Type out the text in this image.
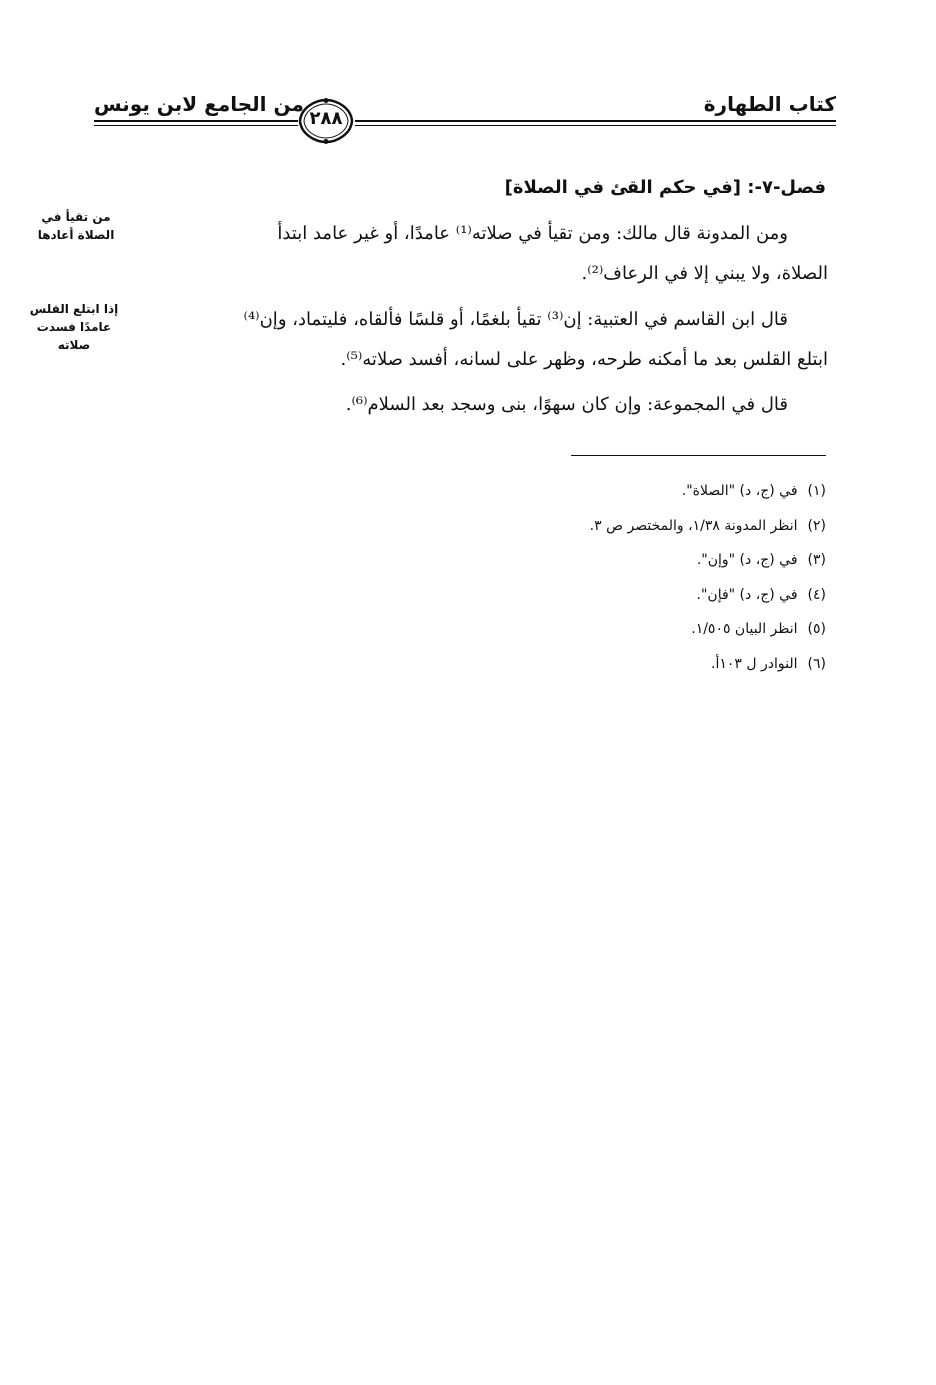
كتاب الطهارة
من الجامع لابن يونس
٢٨٨
فصل-٧-: [في حكم القئ في الصلاة]
ومن المدونة قال مالك: ومن تقيأ في صلاته⁽¹⁾ عامدًا، أو غير عامد ابتدأ
الصلاة، ولا يبني إلا في الرعاف⁽²⁾.
قال ابن القاسم في العتبية: إن⁽³⁾ تقيأ بلغمًا، أو قلسًا فألقاه، فليتماد، وإن⁽⁴⁾
ابتلع القلس بعد ما أمكنه طرحه، وظهر على لسانه، أفسد صلاته⁽⁵⁾.
قال في المجموعة: وإن كان سهوًا، بنى وسجد بعد السلام⁽⁶⁾.
من تقيأ في الصلاة أعادها
إذا ابتلع القلس عامدًا فسدت صلاته
(١)في (ج، د) "الصلاة".
(٢)انظر المدونة ١/٣٨، والمختصر ص ٣.
(٣)في (ج، د) "وإن".
(٤)في (ج، د) "فإن".
(٥)انظر البيان ١/٥٠٥.
(٦)النوادر ل ١٠٣أ.
